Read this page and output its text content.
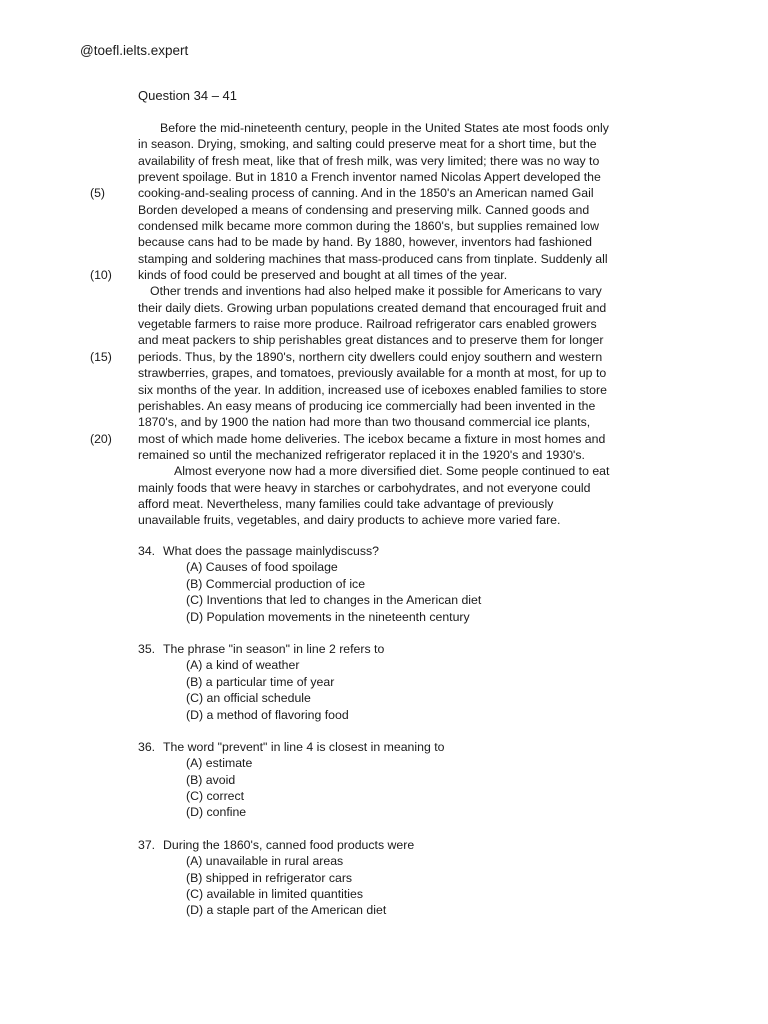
@toefl.ielts.expert
Question 34 – 41
Before the mid-nineteenth century, people in the United States ate most foods only
in season. Drying, smoking, and salting could preserve meat for a short time, but the
availability of fresh meat, like that of fresh milk, was very limited; there was no way to
prevent spoilage. But in 1810 a French inventor named Nicolas Appert developed the
(5)	cooking-and-sealing process of canning. And in the 1850's an American named Gail
Borden developed a means of condensing and preserving milk. Canned goods and
condensed milk became more common during the 1860's, but supplies remained low
because cans had to be made by hand. By 1880, however, inventors had fashioned
stamping and soldering machines that mass-produced cans from tinplate. Suddenly all
(10) kinds of food could be preserved and bought at all times of the year.
Other trends and inventions had also helped make it possible for Americans to vary
their daily diets. Growing urban populations created demand that encouraged fruit and
vegetable farmers to raise more produce. Railroad refrigerator cars enabled growers
and meat packers to ship perishables great distances and to preserve them for longer
(15) periods. Thus, by the 1890's, northern city dwellers could enjoy southern and western
strawberries, grapes, and tomatoes, previously available for a month at most, for up to
six months of the year. In addition, increased use of iceboxes enabled families to store
perishables. An easy means of producing ice commercially had been invented in the
1870's, and by 1900 the nation had more than two thousand commercial ice plants,
(20) most of which made home deliveries. The icebox became a fixture in most homes and
remained so until the mechanized refrigerator replaced it in the 1920's and 1930's.
Almost everyone now had a more diversified diet. Some people continued to eat
mainly foods that were heavy in starches or carbohydrates, and not everyone could
afford meat. Nevertheless, many families could take advantage of previously
unavailable fruits, vegetables, and dairy products to achieve more varied fare.
34. What does the passage mainlydiscuss?
(A) Causes of food spoilage
(B) Commercial production of ice
(C) Inventions that led to changes in the American diet
(D) Population movements in the nineteenth century
35. The phrase "in season" in line 2 refers to
(A) a kind of weather
(B) a particular time of year
(C) an official schedule
(D) a method of flavoring food
36. The word "prevent" in line 4 is closest in meaning to
(A) estimate
(B) avoid
(C) correct
(D) confine
37. During the 1860's, canned food products were
(A) unavailable in rural areas
(B) shipped in refrigerator cars
(C) available in limited quantities
(D) a staple part of the American diet
